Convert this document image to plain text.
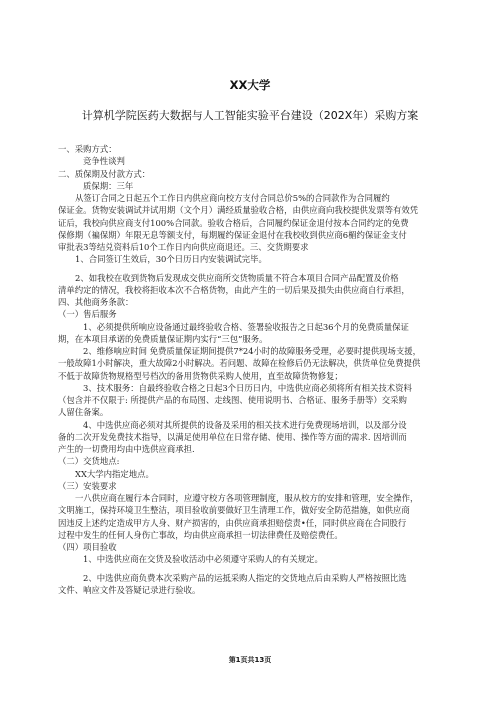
XX大学
计算机学院医药大数据与人工智能实验平台建设（202X年）采购方案
一、采购方式：
竞争性谈判
二、质保期及付款方式：
质保期：三年
从签订合同之日起五个工作日内供应商向校方支付合同总价5%的合同款作为合同履约
保证金。货物安装调试并试用期（文个月）满经质量验收合格，由供应商向我校提供发票等有效凭
证后，我校向供应商支付100%合同款。验收合格后，合同履约保证金退付按本合同约定的免费
保修期（褊保期）年限无息等额支付，每期履约保证金退付在我校收到供应商6楣约保证金支付
审批表3等结兑资料后10个工作日内向供应商退还。三、交货期要求
1、合同签订生效后，30个日历日内安装调试完毕。
2、如我校在收到货物后发现成交供应商所交货物质量不符合本项目合同产品配置及价格
清单约定的情况，我校将拒收本次不合格货物，由此产生的一切后果及损失由供应商自行承担，
四、其他商务条款：
（一）售后服务
1、必须提供所响应设备通过最终验收合格、签署验收报告之日起36个月的免费质量保证
期，在本项目承诺的免费质量保证期内实行“三包”服务。
2、维修响应时间 免费质量保证期间提供7*24小时的故障服务受理，必要时提供现场支援，
一般故障1小时解决，重大故障2小时解决。若问题、故障在检修后仍无法解决，供货单位免费提供
不低于故障货物规格型号档次的备用货物供采购人使用，直至故障货物修复；
3、技术服务：自最终验收合格之日起3个日历日内，中选供应商必须将所有相关技术资料
（包含并不仅限于: 所提供产品的布局图、走线图、使用说明书、合格证、服务手册等）交采购
人留住备案。
4、中选供应商必须对其所提供的设备及采用的相关技术进行免费现场培训，以及部分设
备的二次开发免费技术指导，以满足使用单位在日常存储、使用、操作等方面的需求. 因培训而
产生的一切费用均由中选供应商承担.
（二）交货地点:
XX大学内指定地点。
（三）安装要求
一八供应商在履行本合同时，应遵守校方各项管理制度，服从校方的安排和管理，安全操作，
文明施工，保持环境卫生整洁，项目验收前要做好卫生清理工作，做好安全防范措施，如供应商
因违反上述约定造成甲方人身、财产损害的，由供应商承担赔偿责•任，同时供应商在合同股行
过程中发生的任何人身伤亡事故，均由供应商承担一切法律费任及赔偿费任。
（四）项目验收
1、中选供应商在交货及验收活动中必须遵守采购人的有关规定。
2、中选供应商负费本次采购产品的运抵采购人指定的交货地点后由采购人严格按照比选
文件、响应文件及答疑记录进行验收。
第1页共13页
